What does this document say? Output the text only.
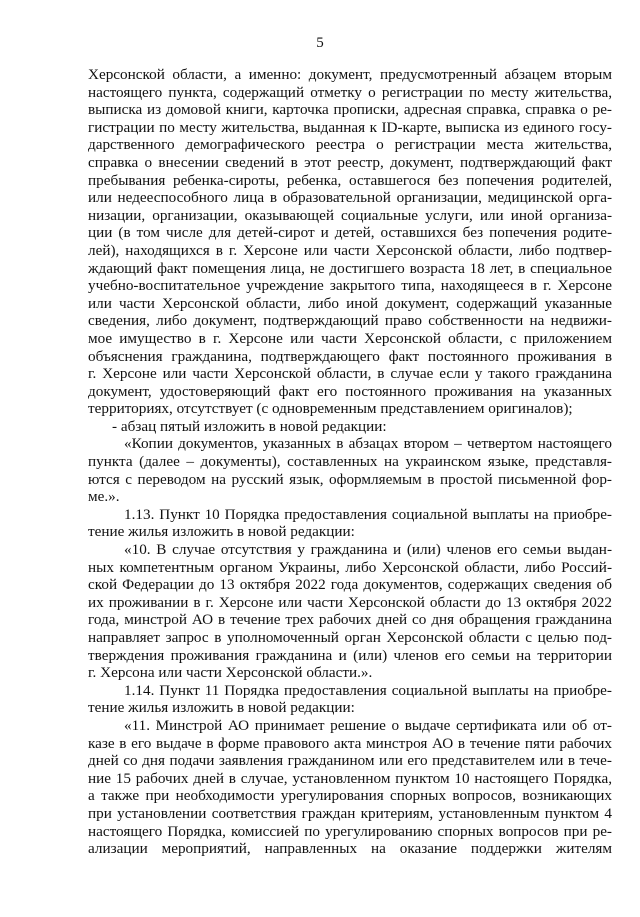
5
Херсонской области, а именно: документ, предусмотренный абзацем вторым
настоящего пункта, содержащий отметку о регистрации по месту жительства,
выписка из домовой книги, карточка прописки, адресная справка, справка о ре-
гистрации по месту жительства, выданная к ID-карте, выписка из единого госу-
дарственного демографического реестра о регистрации места жительства,
справка о внесении сведений в этот реестр, документ, подтверждающий факт
пребывания ребенка-сироты, ребенка, оставшегося без попечения родителей,
или недееспособного лица в образовательной организации, медицинской орга-
низации, организации, оказывающей социальные услуги, или иной организа-
ции (в том числе для детей-сирот и детей, оставшихся без попечения родите-
лей), находящихся в г. Херсоне или части Херсонской области, либо подтвер-
ждающий факт помещения лица, не достигшего возраста 18 лет, в специальное
учебно-воспитательное учреждение закрытого типа, находящееся в г. Херсоне
или части Херсонской области, либо иной документ, содержащий указанные
сведения, либо документ, подтверждающий право собственности на недвижи-
мое имущество в г. Херсоне или части Херсонской области, с приложением
объяснения гражданина, подтверждающего факт постоянного проживания в
г. Херсоне или части Херсонской области, в случае если у такого гражданина
документ, удостоверяющий факт его постоянного проживания на указанных
территориях, отсутствует (с одновременным представлением оригиналов);
- абзац пятый изложить в новой редакции:
«Копии документов, указанных в абзацах втором – четвертом настоящего
пункта (далее – документы), составленных на украинском языке, представля-
ются с переводом на русский язык, оформляемым в простой письменной фор-
ме.».
1.13. Пункт 10 Порядка предоставления социальной выплаты на приобре-
тение жилья изложить в новой редакции:
«10. В случае отсутствия у гражданина и (или) членов его семьи выдан-
ных компетентным органом Украины, либо Херсонской области, либо Россий-
ской Федерации до 13 октября 2022 года документов, содержащих сведения об
их проживании в г. Херсоне или части Херсонской области до 13 октября 2022
года, минстрой АО в течение трех рабочих дней со дня обращения гражданина
направляет запрос в уполномоченный орган Херсонской области с целью под-
тверждения проживания гражданина и (или) членов его семьи на территории
г. Херсона или части Херсонской области.».
1.14. Пункт 11 Порядка предоставления социальной выплаты на приобре-
тение жилья изложить в новой редакции:
«11. Минстрой АО принимает решение о выдаче сертификата или об от-
казе в его выдаче в форме правового акта минстроя АО в течение пяти рабочих
дней со дня подачи заявления гражданином или его представителем или в тече-
ние 15 рабочих дней в случае, установленном пунктом 10 настоящего Порядка,
а также при необходимости урегулирования спорных вопросов, возникающих
при установлении соответствия граждан критериям, установленным пунктом 4
настоящего Порядка, комиссией по урегулированию спорных вопросов при ре-
ализации мероприятий, направленных на оказание поддержки жителям
